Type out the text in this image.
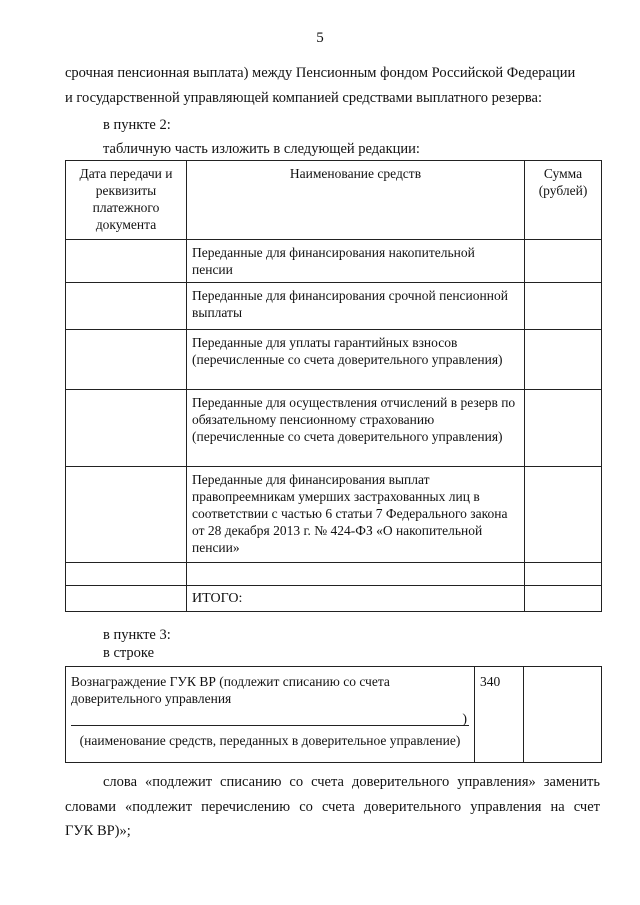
5
срочная пенсионная выплата) между Пенсионным фондом Российской Федерации
и государственной управляющей компанией средствами выплатного резерва:
в пункте 2:
табличную часть изложить в следующей редакции:
Дата передачи и реквизиты платежного документа	Наименование средств	Сумма (рублей)
	Переданные для финансирования накопительной пенсии	
	Переданные для финансирования срочной пенсионной выплаты	
	Переданные для уплаты гарантийных взносов (перечисленные со счета доверительного управления)	
	Переданные для осуществления отчислений в резерв по обязательному пенсионному страхованию (перечисленные со счета доверительного управления)	
	Переданные для финансирования выплат правопреемникам умерших застрахованных лиц в соответствии с частью 6 статьи 7 Федерального закона от 28 декабря 2013 г. № 424-ФЗ «О накопительной пенсии»	

	ИТОГО:	
в пункте 3:
в строке
Вознаграждение ГУК ВР (подлежит списанию со счета доверительного управления
)
(наименование средств, переданных в доверительное управление)
	340	
слова «подлежит списанию со счета доверительного управления» заменить
словами «подлежит перечислению со счета доверительного управления на счет
ГУК ВР)»;
